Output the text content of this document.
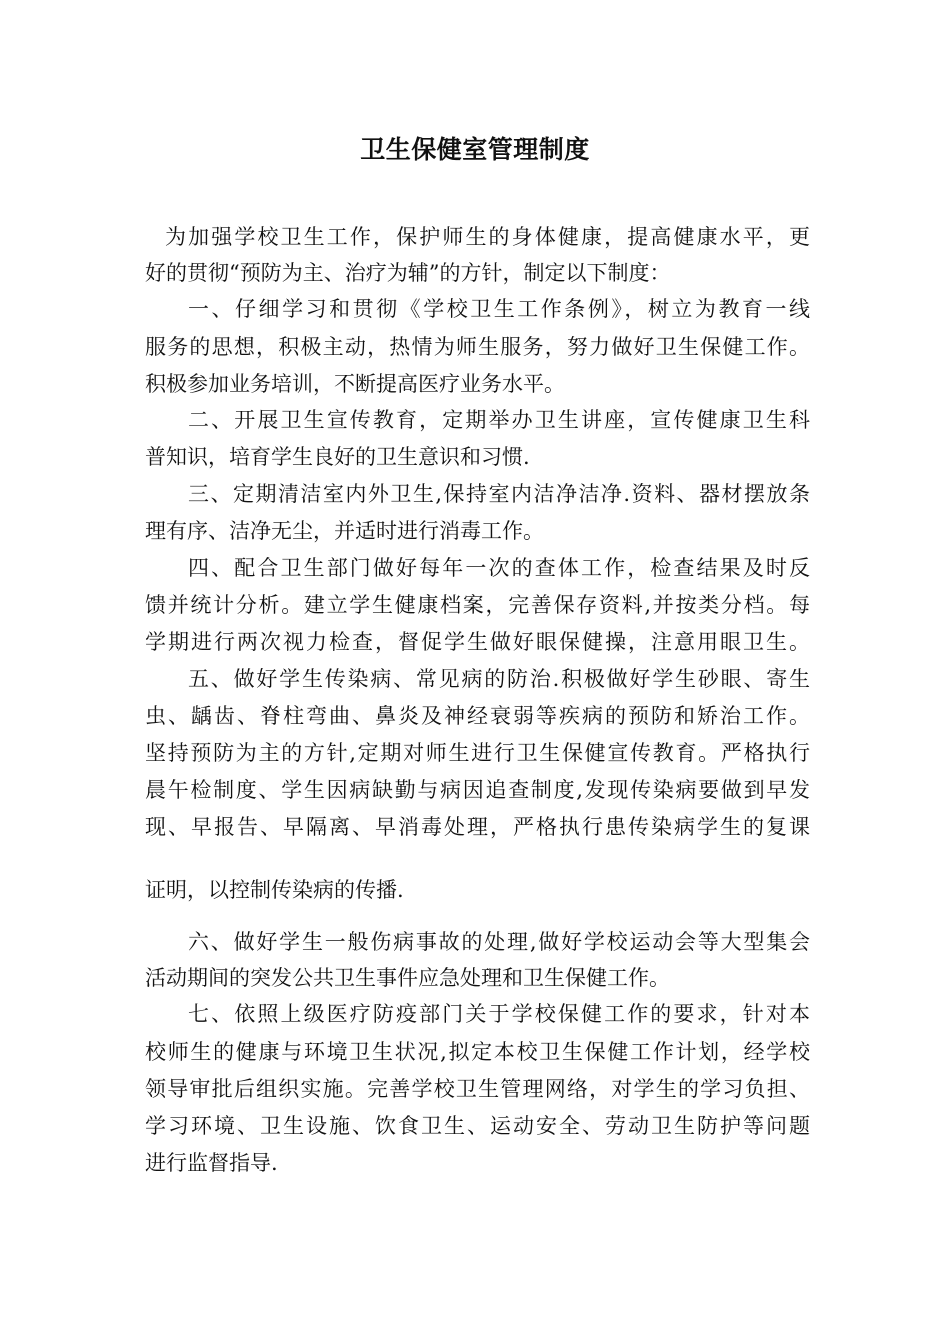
卫生保健室管理制度
为加强学校卫生工作，保护师生的身体健康，提高健康水平，更
好的贯彻“预防为主、治疗为辅”的方针，制定以下制度：
一、仔细学习和贯彻《学校卫生工作条例》，树立为教育一线
服务的思想，积极主动，热情为师生服务，努力做好卫生保健工作。
积极参加业务培训，不断提高医疗业务水平。
二、开展卫生宣传教育，定期举办卫生讲座，宣传健康卫生科
普知识，培育学生良好的卫生意识和习惯.
三、定期清洁室内外卫生,保持室内洁净洁净.资料、器材摆放条
理有序、洁净无尘，并适时进行消毒工作。
四、配合卫生部门做好每年一次的查体工作，检查结果及时反
馈并统计分析。建立学生健康档案，完善保存资料,并按类分档。每
学期进行两次视力检查，督促学生做好眼保健操，注意用眼卫生。
五、做好学生传染病、常见病的防治.积极做好学生砂眼、寄生
虫、龋齿、脊柱弯曲、鼻炎及神经衰弱等疾病的预防和矫治工作。
坚持预防为主的方针,定期对师生进行卫生保健宣传教育。严格执行
晨午检制度、学生因病缺勤与病因追查制度,发现传染病要做到早发
现、早报告、早隔离、早消毒处理，严格执行患传染病学生的复课
证明，以控制传染病的传播.
六、做好学生一般伤病事故的处理,做好学校运动会等大型集会
活动期间的突发公共卫生事件应急处理和卫生保健工作。
七、依照上级医疗防疫部门关于学校保健工作的要求，针对本
校师生的健康与环境卫生状况,拟定本校卫生保健工作计划，经学校
领导审批后组织实施。完善学校卫生管理网络，对学生的学习负担、
学习环境、卫生设施、饮食卫生、运动安全、劳动卫生防护等问题
进行监督指导.
